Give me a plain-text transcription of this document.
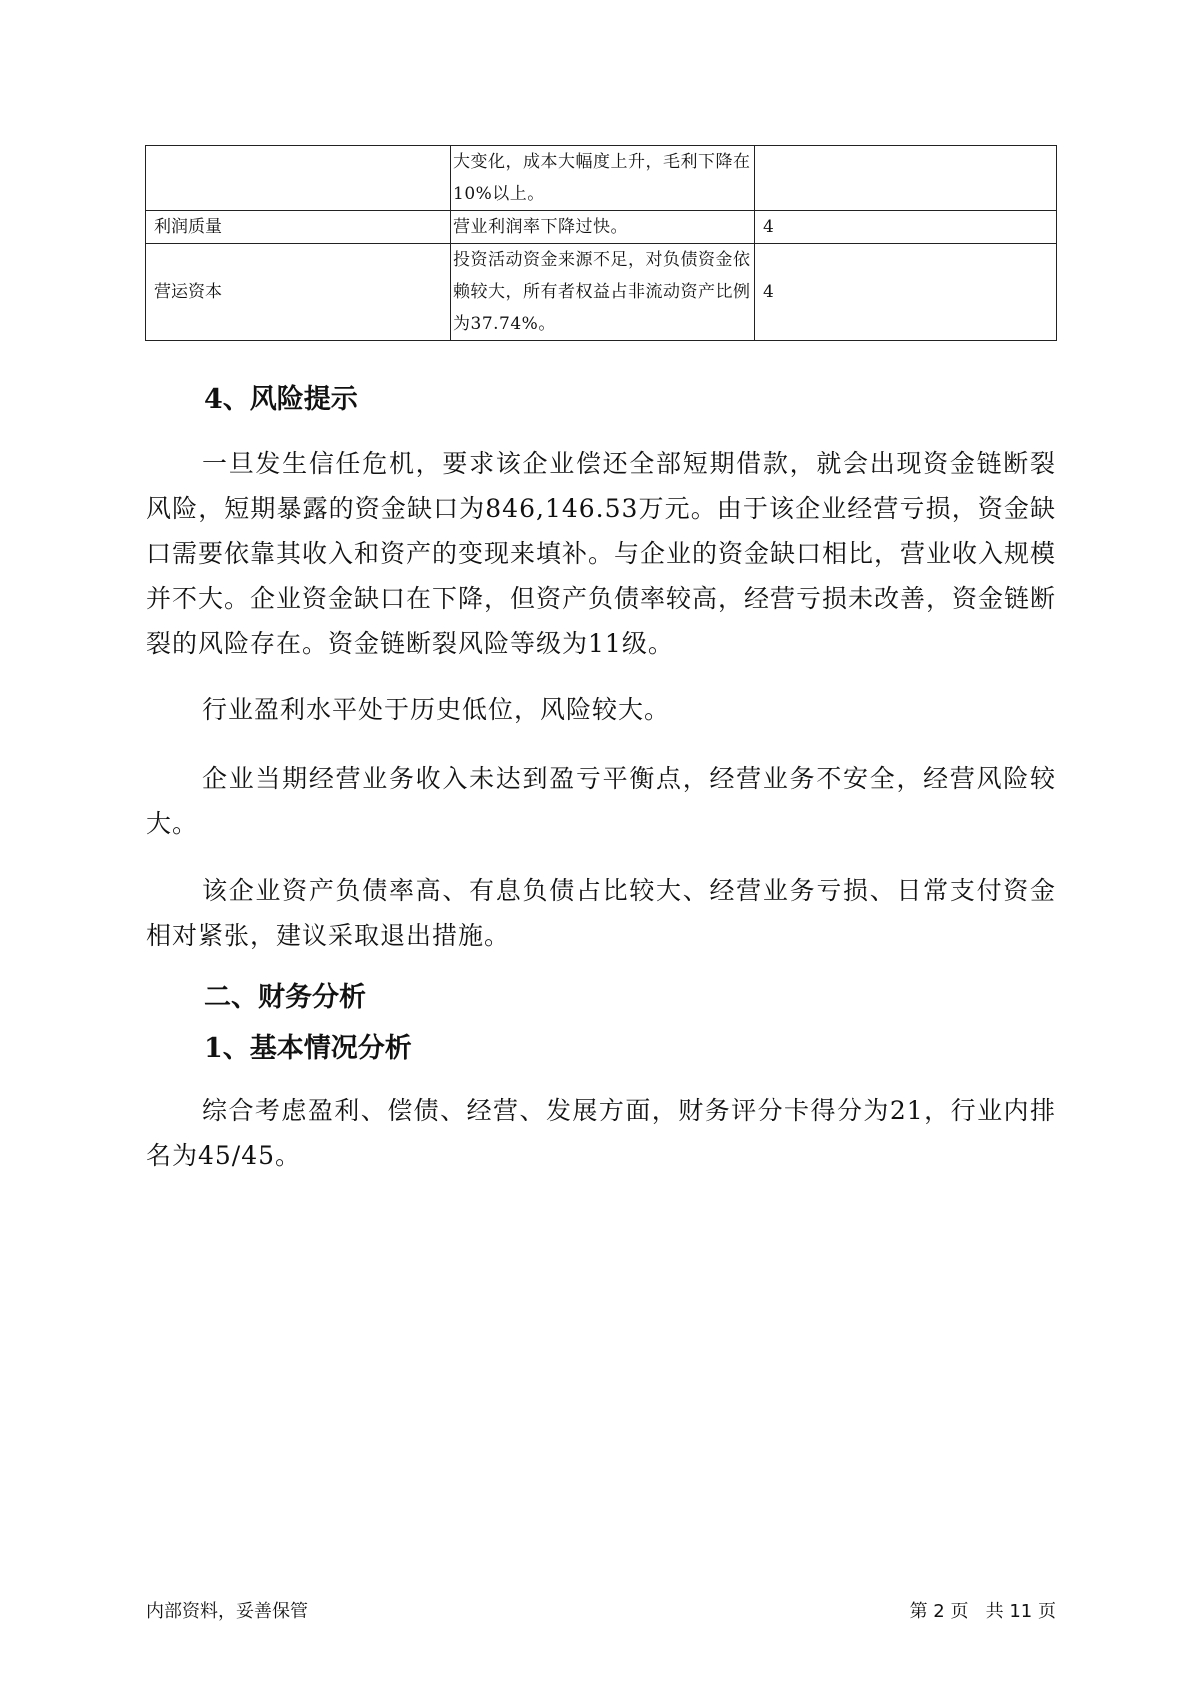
	大变化，成本大幅度上升，毛利下降在10%以上。	
利润质量	营业利润率下降过快。	4
营运资本	投资活动资金来源不足，对负债资金依赖较大，所有者权益占非流动资产比例为37.74%。	4
4、风险提示
一旦发生信任危机，要求该企业偿还全部短期借款，就会出现资金链断裂风险，短期暴露的资金缺口为846,146.53万元。由于该企业经营亏损，资金缺口需要依靠其收入和资产的变现来填补。与企业的资金缺口相比，营业收入规模并不大。企业资金缺口在下降，但资产负债率较高，经营亏损未改善，资金链断裂的风险存在。资金链断裂风险等级为11级。
行业盈利水平处于历史低位，风险较大。
企业当期经营业务收入未达到盈亏平衡点，经营业务不安全，经营风险较大。
该企业资产负债率高、有息负债占比较大、经营业务亏损、日常支付资金相对紧张，建议采取退出措施。
二、财务分析
1、基本情况分析
综合考虑盈利、偿债、经营、发展方面，财务评分卡得分为21，行业内排名为45/45。
内部资料，妥善保管	第 2 页   共 11 页
